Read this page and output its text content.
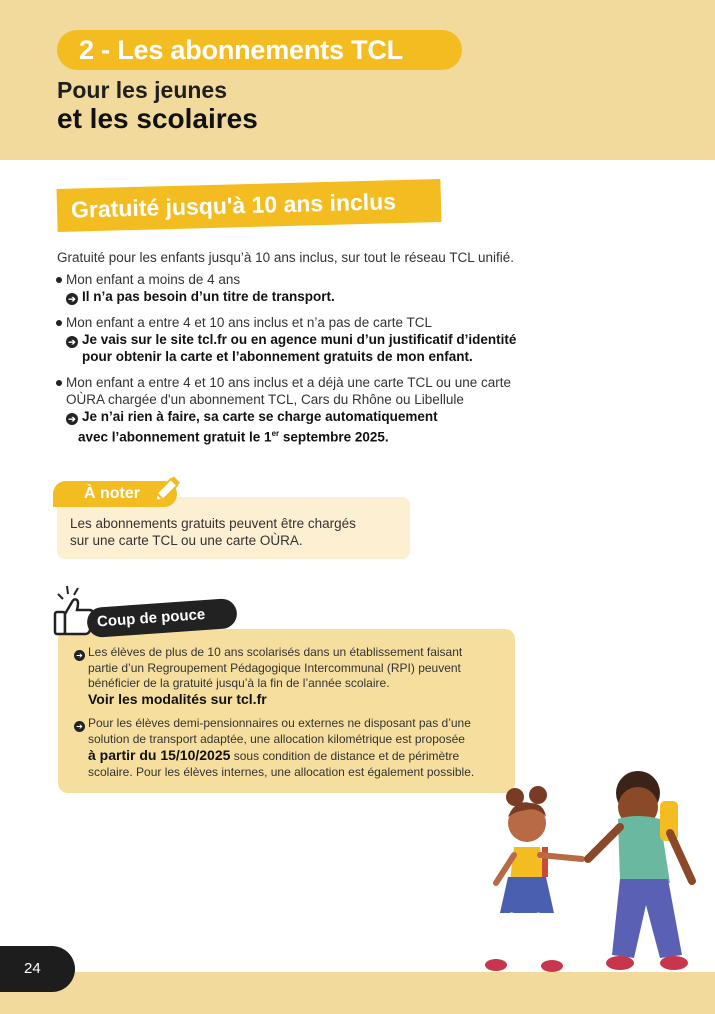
2 - Les abonnements TCL
Pour les jeunes
et les scolaires
Gratuité jusqu'à 10 ans inclus
Gratuité pour les enfants jusqu’à 10 ans inclus, sur tout le réseau TCL unifié.
Mon enfant a moins de 4 ans
➔ Il n’a pas besoin d’un titre de transport.
Mon enfant a entre 4 et 10 ans inclus et n’a pas de carte TCL
➔ Je vais sur le site tcl.fr ou en agence muni d’un justificatif d’identité
pour obtenir la carte et l’abonnement gratuits de mon enfant.
Mon enfant a entre 4 et 10 ans inclus et a déjà une carte TCL ou une carte
OÙRA chargée d'un abonnement TCL, Cars du Rhône ou Libellule
➔ Je n’ai rien à faire, sa carte se charge automatiquement
avec l’abonnement gratuit le 1er septembre 2025.
À noter
Les abonnements gratuits peuvent être chargés
sur une carte TCL ou une carte OÙRA.
Coup de pouce
➔ Les élèves de plus de 10 ans scolarisés dans un établissement faisant
partie d’un Regroupement Pédagogique Intercommunal (RPI) peuvent
bénéficier de la gratuité jusqu’à la fin de l’année scolaire.
Voir les modalités sur tcl.fr
➔ Pour les élèves demi-pensionnaires ou externes ne disposant pas d’une
solution de transport adaptée, une allocation kilométrique est proposée
à partir du 15/10/2025 sous condition de distance et de périmètre
scolaire. Pour les élèves internes, une allocation est également possible.
24
